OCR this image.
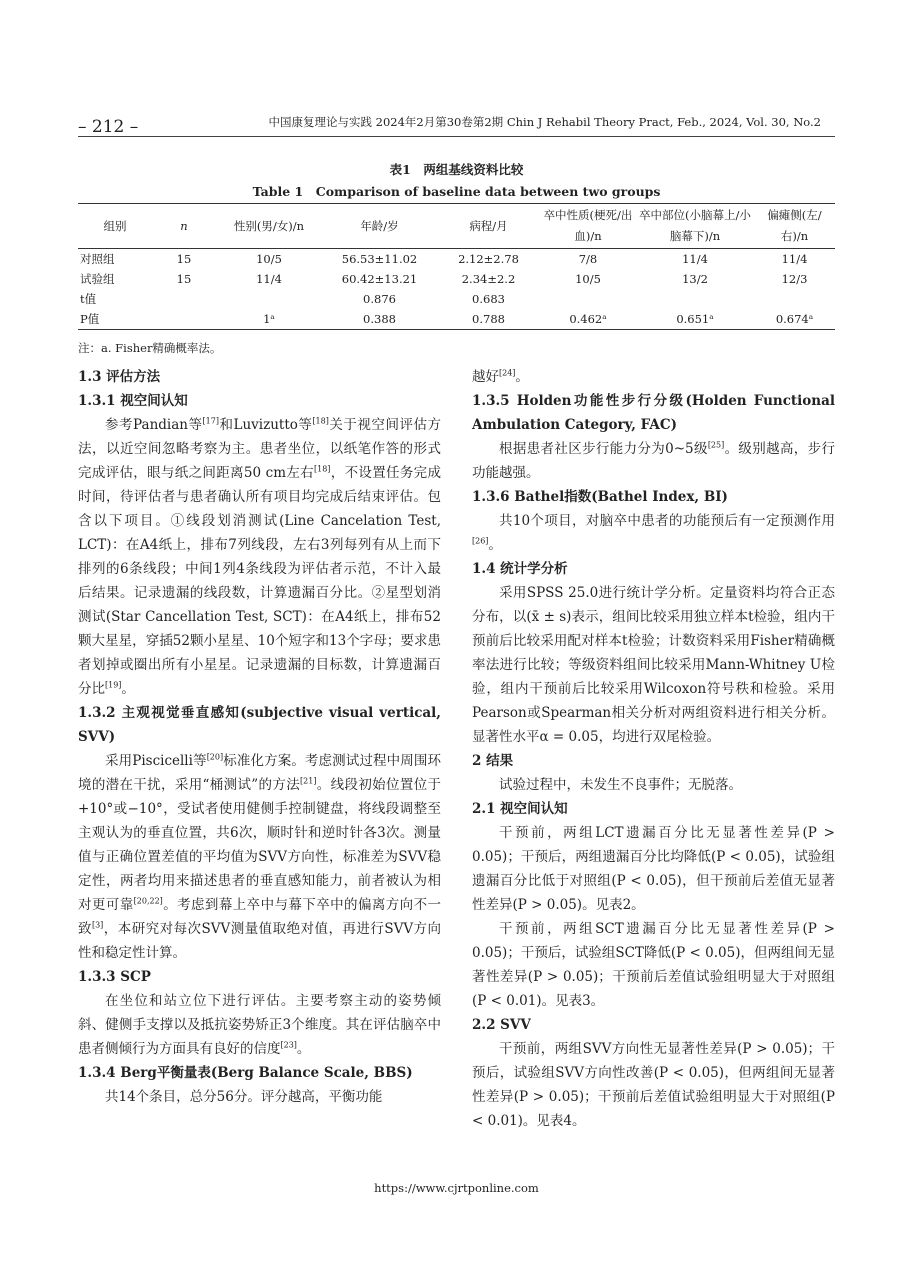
– 212 –	中国康复理论与实践 2024年2月第30卷第2期 Chin J Rehabil Theory Pract, Feb., 2024, Vol. 30, No.2
表1　两组基线资料比较
Table 1　Comparison of baseline data between two groups
组别	n	性别(男/女)/n	年龄/岁	病程/月	卒中性质(梗死/出血)/n	卒中部位(小脑幕上/小脑幕下)/n	偏瘫侧(左/右)/n
对照组	15	10/5	56.53±11.02	2.12±2.78	7/8	11/4	11/4
试验组	15	11/4	60.42±13.21	2.34±2.2	10/5	13/2	12/3
t值			0.876	0.683			
P值		1ᵃ	0.388	0.788	0.462ᵃ	0.651ᵃ	0.674ᵃ
注：a. Fisher精确概率法。

1.3 评估方法

1.3.1 视空间认知

参考Pandian等[17]和Luvizutto等[18]关于视空间评估方法，以近空间忽略考察为主。患者坐位，以纸笔作答的形式完成评估，眼与纸之间距离50 cm左右[18]，不设置任务完成时间，待评估者与患者确认所有项目均完成后结束评估。包含以下项目。①线段划消测试(Line Cancelation Test, LCT)：在A4纸上，排布7列线段，左右3列每列有从上而下排列的6条线段；中间1列4条线段为评估者示范，不计入最后结果。记录遗漏的线段数，计算遗漏百分比。②星型划消测试(Star Cancellation Test, SCT)：在A4纸上，排布52颗大星星，穿插52颗小星星、10个短字和13个字母；要求患者划掉或圈出所有小星星。记录遗漏的目标数，计算遗漏百分比[19]。

1.3.2 主观视觉垂直感知(subjective visual vertical, SVV)

采用Piscicelli等[20]标准化方案。考虑测试过程中周围环境的潜在干扰，采用“桶测试”的方法[21]。线段初始位置位于+10°或−10°，受试者使用健侧手控制键盘，将线段调整至主观认为的垂直位置，共6次，顺时针和逆时针各3次。测量值与正确位置差值的平均值为SVV方向性，标准差为SVV稳定性，两者均用来描述患者的垂直感知能力，前者被认为相对更可靠[20,22]。考虑到幕上卒中与幕下卒中的偏离方向不一致[3]，本研究对每次SVV测量值取绝对值，再进行SVV方向性和稳定性计算。

1.3.3 SCP

在坐位和站立位下进行评估。主要考察主动的姿势倾斜、健侧手支撑以及抵抗姿势矫正3个维度。其在评估脑卒中患者侧倾行为方面具有良好的信度[23]。

1.3.4 Berg平衡量表(Berg Balance Scale, BBS)

共14个条目，总分56分。评分越高，平衡功能

越好[24]。

1.3.5 Holden功能性步行分级(Holden Functional Ambulation Category, FAC)

根据患者社区步行能力分为0~5级[25]。级别越高，步行功能越强。

1.3.6 Bathel指数(Bathel Index, BI)

共10个项目，对脑卒中患者的功能预后有一定预测作用[26]。

1.4 统计学分析

采用SPSS 25.0进行统计学分析。定量资料均符合正态分布，以(x̄ ± s)表示，组间比较采用独立样本t检验，组内干预前后比较采用配对样本t检验；计数资料采用Fisher精确概率法进行比较；等级资料组间比较采用Mann-Whitney U检验，组内干预前后比较采用Wilcoxon符号秩和检验。采用Pearson或Spearman相关分析对两组资料进行相关分析。显著性水平α = 0.05，均进行双尾检验。

2 结果

试验过程中，未发生不良事件；无脱落。

2.1 视空间认知

干预前，两组LCT遗漏百分比无显著性差异(P > 0.05)；干预后，两组遗漏百分比均降低(P < 0.05)，试验组遗漏百分比低于对照组(P < 0.05)，但干预前后差值无显著性差异(P > 0.05)。见表2。

干预前，两组SCT遗漏百分比无显著性差异(P > 0.05)；干预后，试验组SCT降低(P < 0.05)，但两组间无显著性差异(P > 0.05)；干预前后差值试验组明显大于对照组(P < 0.01)。见表3。

2.2 SVV

干预前，两组SVV方向性无显著性差异(P > 0.05)；干预后，试验组SVV方向性改善(P < 0.05)，但两组间无显著性差异(P > 0.05)；干预前后差值试验组明显大于对照组(P < 0.01)。见表4。

https://www.cjrtponline.com
